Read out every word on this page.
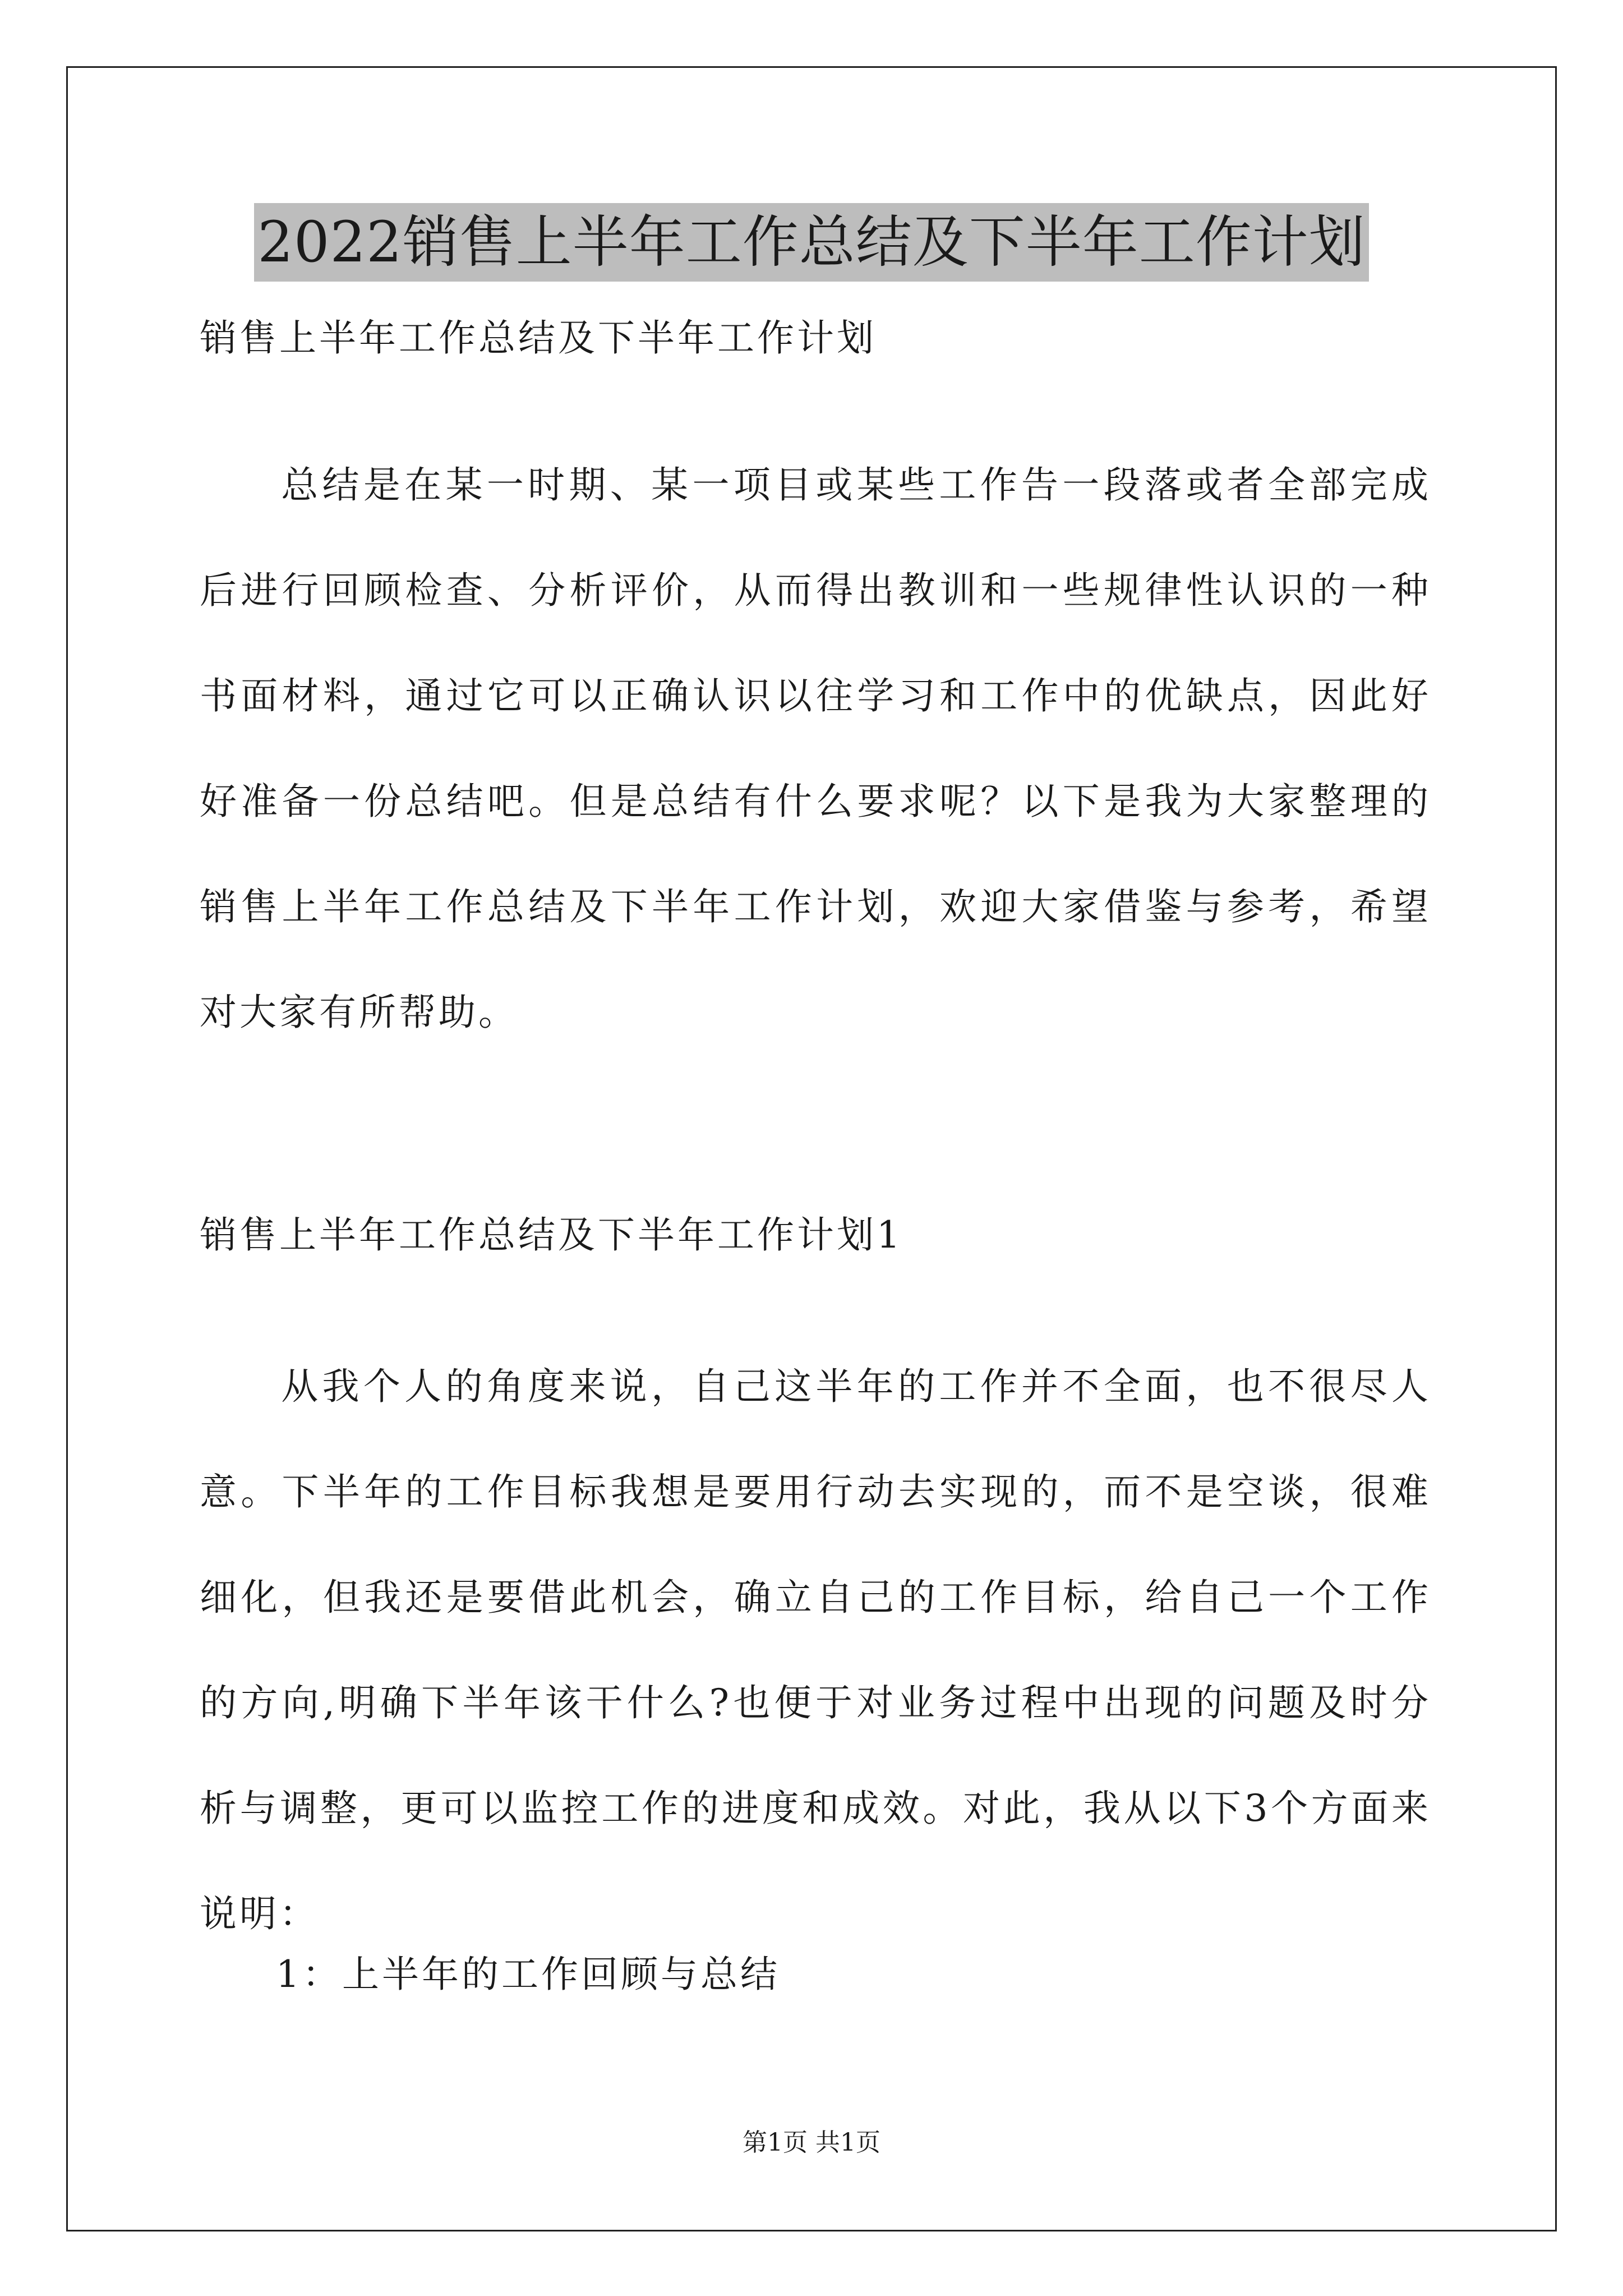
2022销售上半年工作总结及下半年工作计划
销售上半年工作总结及下半年工作计划
总结是在某一时期、某一项目或某些工作告一段落或者全部完成后进行回顾检查、分析评价，从而得出教训和一些规律性认识的一种书面材料，通过它可以正确认识以往学习和工作中的优缺点，因此好好准备一份总结吧。但是总结有什么要求呢？以下是我为大家整理的销售上半年工作总结及下半年工作计划，欢迎大家借鉴与参考，希望对大家有所帮助。
销售上半年工作总结及下半年工作计划1
从我个人的角度来说，自己这半年的工作并不全面，也不很尽人意。下半年的工作目标我想是要用行动去实现的，而不是空谈，很难细化，但我还是要借此机会，确立自己的工作目标，给自己一个工作的方向,明确下半年该干什么?也便于对业务过程中出现的问题及时分析与调整，更可以监控工作的进度和成效。对此，我从以下3个方面来说明：
1：上半年的工作回顾与总结
第1页 共1页
